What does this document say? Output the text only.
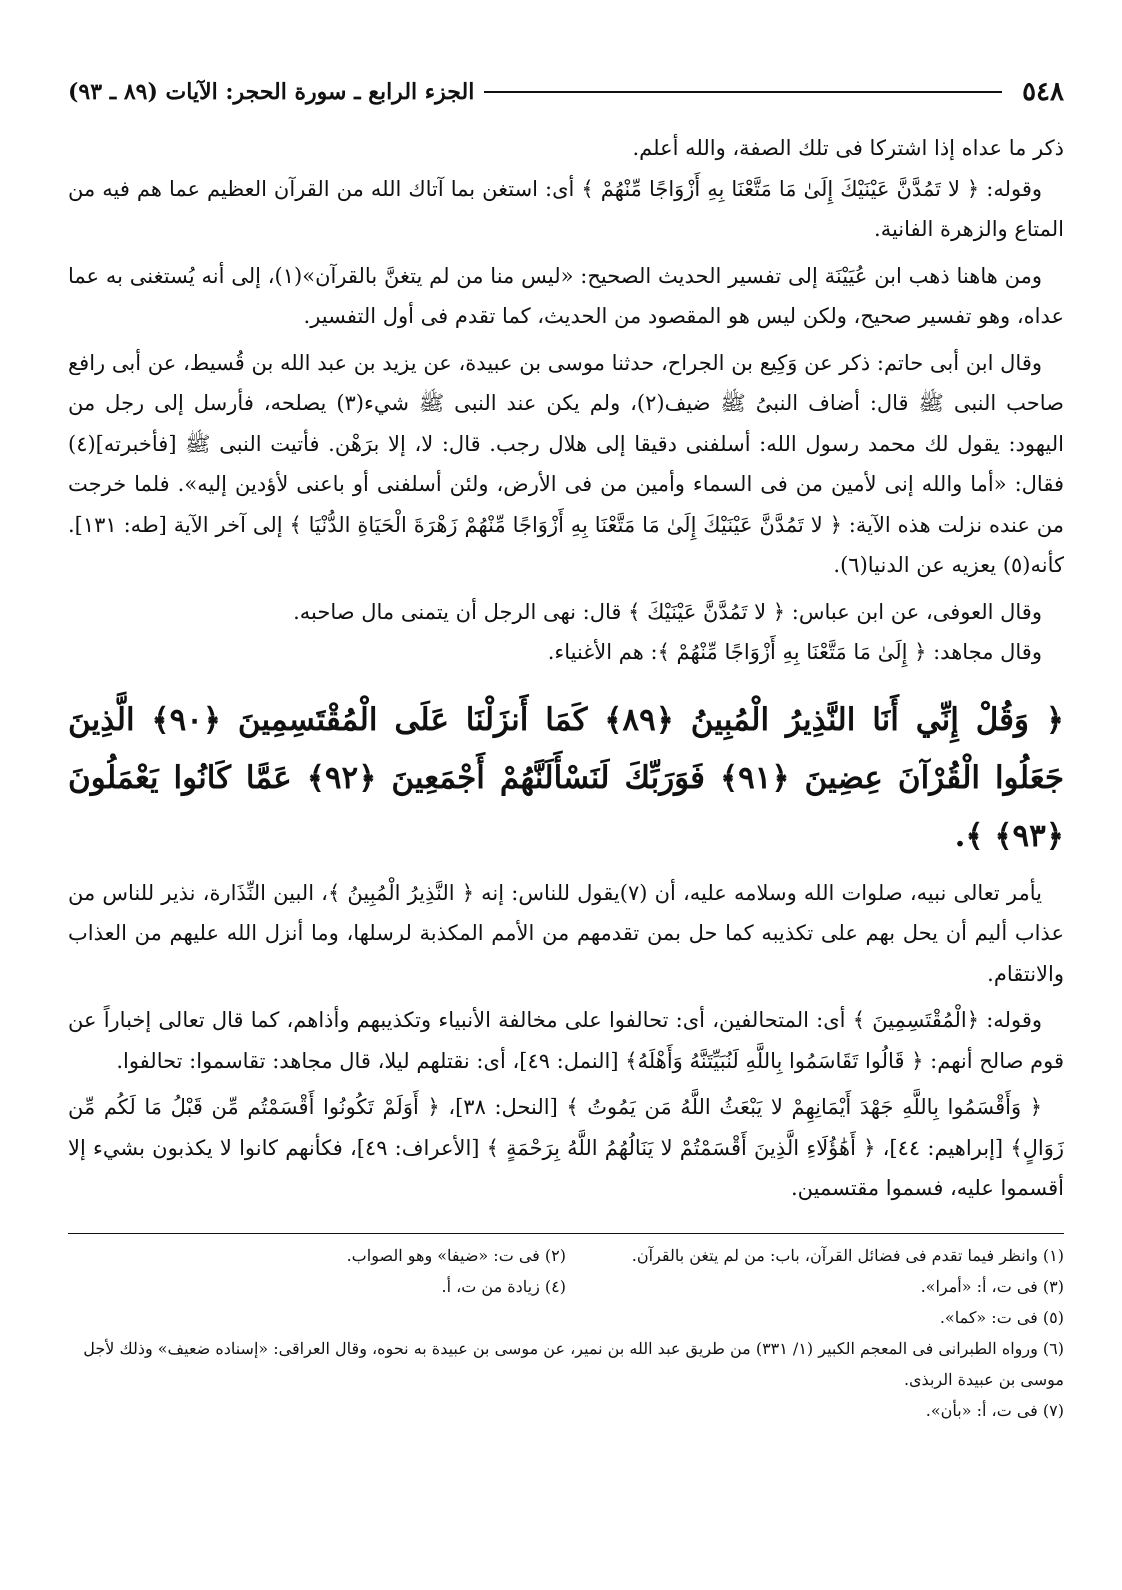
٥٤٨
الجزء الرابع ـ سورة الحجر: الآيات (٨٩ ـ ٩٣)

ذكر ما عداه إذا اشتركا فى تلك الصفة، والله أعلم.

وقوله: ﴿ لا تَمُدَّنَّ عَيْنَيْكَ إِلَىٰ مَا مَتَّعْنَا بِهِ أَزْوَاجًا مِّنْهُمْ ﴾ أى: استغن بما آتاك الله من القرآن العظيم عما هم فيه من المتاع والزهرة الفانية.

ومن هاهنا ذهب ابن عُيَيْنَة إلى تفسير الحديث الصحيح: «ليس منا من لم يتغنَّ بالقرآن»(١)، إلى أنه يُستغنى به عما عداه، وهو تفسير صحيح، ولكن ليس هو المقصود من الحديث، كما تقدم فى أول التفسير.

وقال ابن أبى حاتم: ذكر عن وَكِيع بن الجراح، حدثنا موسى بن عبيدة، عن يزيد بن عبد الله بن قُسيط، عن أبى رافع صاحب النبى ﷺ قال: أضاف النبىُ ﷺ ضيف(٢)، ولم يكن عند النبى ﷺ شيء(٣) يصلحه، فأرسل إلى رجل من اليهود: يقول لك محمد رسول الله: أسلفنى دقيقا إلى هلال رجب. قال: لا، إلا برَهْن. فأتيت النبى ﷺ [فأخبرته](٤) فقال: «أما والله إنى لأمين من فى السماء وأمين من فى الأرض، ولئن أسلفنى أو باعنى لأؤدين إليه». فلما خرجت من عنده نزلت هذه الآية: ﴿ لا تَمُدَّنَّ عَيْنَيْكَ إِلَىٰ مَا مَتَّعْنَا بِهِ أَزْوَاجًا مِّنْهُمْ زَهْرَةَ الْحَيَاةِ الدُّنْيَا ﴾ إلى آخر الآية [طه: ١٣١]. كأنه(٥) يعزيه عن الدنيا(٦).

وقال العوفى، عن ابن عباس: ﴿ لا تَمُدَّنَّ عَيْنَيْكَ ﴾ قال: نهى الرجل أن يتمنى مال صاحبه.

وقال مجاهد: ﴿ إِلَىٰ مَا مَتَّعْنَا بِهِ أَزْوَاجًا مِّنْهُمْ ﴾: هم الأغنياء.

﴿ وَقُلْ إِنِّي أَنَا النَّذِيرُ الْمُبِينُ ﴿٨٩﴾ كَمَا أَنزَلْنَا عَلَى الْمُقْتَسِمِينَ ﴿٩٠﴾ الَّذِينَ جَعَلُوا الْقُرْآنَ عِضِينَ ﴿٩١﴾ فَوَرَبِّكَ لَنَسْأَلَنَّهُمْ أَجْمَعِينَ ﴿٩٢﴾ عَمَّا كَانُوا يَعْمَلُونَ ﴿٩٣﴾ ﴾.

يأمر تعالى نبيه، صلوات الله وسلامه عليه، أن (٧)يقول للناس: إنه ﴿ النَّذِيرُ الْمُبِينُ ﴾، البين النِّذَارة، نذير للناس من عذاب أليم أن يحل بهم على تكذيبه كما حل بمن تقدمهم من الأمم المكذبة لرسلها، وما أنزل الله عليهم من العذاب والانتقام.

وقوله: ﴿الْمُقْتَسِمِينَ ﴾ أى: المتحالفين، أى: تحالفوا على مخالفة الأنبياء وتكذيبهم وأذاهم، كما قال تعالى إخباراً عن قوم صالح أنهم: ﴿ قَالُوا تَقَاسَمُوا بِاللَّهِ لَنُبَيِّتَنَّهُ وَأَهْلَهُ﴾ [النمل: ٤٩]، أى: نقتلهم ليلا، قال مجاهد: تقاسموا: تحالفوا.

﴿ وَأَقْسَمُوا بِاللَّهِ جَهْدَ أَيْمَانِهِمْ لا يَبْعَثُ اللَّهُ مَن يَمُوتُ ﴾ [النحل: ٣٨]، ﴿ أَوَلَمْ تَكُونُوا أَقْسَمْتُم مِّن قَبْلُ مَا لَكُم مِّن زَوَالٍ﴾ [إبراهيم: ٤٤]، ﴿ أَهَٰؤُلَاءِ الَّذِينَ أَقْسَمْتُمْ لا يَنَالُهُمُ اللَّهُ بِرَحْمَةٍ ﴾ [الأعراف: ٤٩]، فكأنهم كانوا لا يكذبون بشيء إلا أقسموا عليه، فسموا مقتسمين.

(١) وانظر فيما تقدم فى فضائل القرآن، باب: من لم يتغن بالقرآن.
(٢) فى ت: «ضيفا» وهو الصواب.
(٣) فى ت، أ: «أمرا».
(٤) زيادة من ت، أ.
(٥) فى ت: «كما».
(٦) ورواه الطبرانى فى المعجم الكبير (١/ ٣٣١) من طريق عبد الله بن نمير، عن موسى بن عبيدة به نحوه، وقال العراقى: «إسناده ضعيف» وذلك لأجل موسى بن عبيدة الربذى.
(٧) فى ت، أ: «بأن».
